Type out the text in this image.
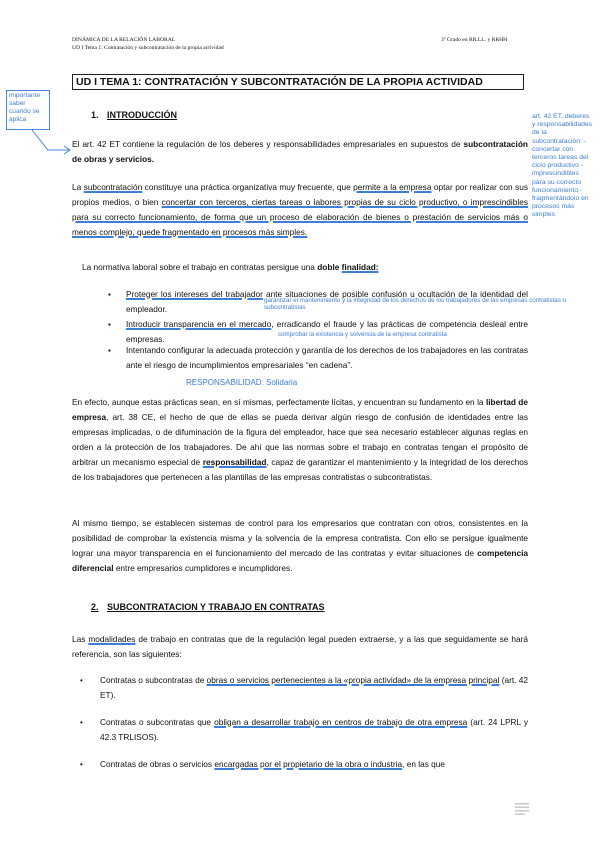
DINÁMICA DE LA RELACIÓN LABORAL	3º Grado en RR.LL. y RRHH
UD I Tema 1: Contratación y subcontratación de la propia actividad
UD I TEMA 1: CONTRATACIÓN Y SUBCONTRATACIÓN DE LA PROPIA ACTIVIDAD
importante saber cuando se aplica	art. 42 ET, deberes y responsabilidades de la subcontratación: - concertar con terceros tareas del ciclo productivo - imprescindibles para su correcto funcionamiento - fragmentándolo en procesos más simples
1. INTRODUCCIÓN
El art. 42 ET contiene la regulación de los deberes y responsabilidades empresariales en supuestos de subcontratación de obras y servicios.
La subcontratación constituye una práctica organizativa muy frecuente, que permite a la empresa optar por realizar con sus propios medios, o bien concertar con terceros, ciertas tareas o labores propias de su ciclo productivo, o imprescindibles para su correcto funcionamiento, de forma que un proceso de elaboración de bienes o prestación de servicios más o menos complejo, quede fragmentado en procesos más simples.
La normativa laboral sobre el trabajo en contratas persigue una doble finalidad:
▪ Proteger los intereses del trabajador ante situaciones de posible confusión u ocultación de la identidad del empleador.
garantizar el mantenimiento y la integridad de los derechos de los trabajadores de las empresas contratistas o subcontratistas
▪ Introducir transparencia en el mercado, erradicando el fraude y las prácticas de competencia desleal entre empresas.	comprobar la existencia y solvencia de la empresa contratista
▪ Intentando configurar la adecuada protección y garantía de los derechos de los trabajadores en las contratas ante el riesgo de incumplimientos empresariales “en cadena”.
RESPONSABILIDAD: Solidaria
En efecto, aunque estas prácticas sean, en sí mismas, perfectamente lícitas, y encuentran su fundamento en la libertad de empresa, art. 38 CE, el hecho de que de ellas se pueda derivar algún riesgo de confusión de identidades entre las empresas implicadas, o de difuminación de la figura del empleador, hace que sea necesario establecer algunas reglas en orden a la protección de los trabajadores. De ahí que las normas sobre el trabajo en contratas tengan el propósito de arbitrar un mecanismo especial de responsabilidad, capaz de garantizar el mantenimiento y la integridad de los derechos de los trabajadores que pertenecen a las plantillas de las empresas contratistas o subcontratistas.
Al mismo tiempo, se establecen sistemas de control para los empresarios que contratan con otros, consistentes en la posibilidad de comprobar la existencia misma y la solvencia de la empresa contratista. Con ello se persigue igualmente lograr una mayor transparencia en el funcionamiento del mercado de las contratas y evitar situaciones de competencia diferencial entre empresarios cumplidores e incumplidores.
2. SUBCONTRATACION Y TRABAJO EN CONTRATAS
Las modalidades de trabajo en contratas que de la regulación legal pueden extraerse, y a las que seguidamente se hará referencia, son las siguientes:
• Contratas o subcontratas de obras o servicios pertenecientes a la «propia actividad» de la empresa principal (art. 42 ET).
• Contratas o subcontratas que obligan a desarrollar trabajo en centros de trabajo de otra empresa (art. 24 LPRL y 42.3 TRLISOS).
• Contratas de obras o servicios encargadas por el propietario de la obra o industria, en las que
